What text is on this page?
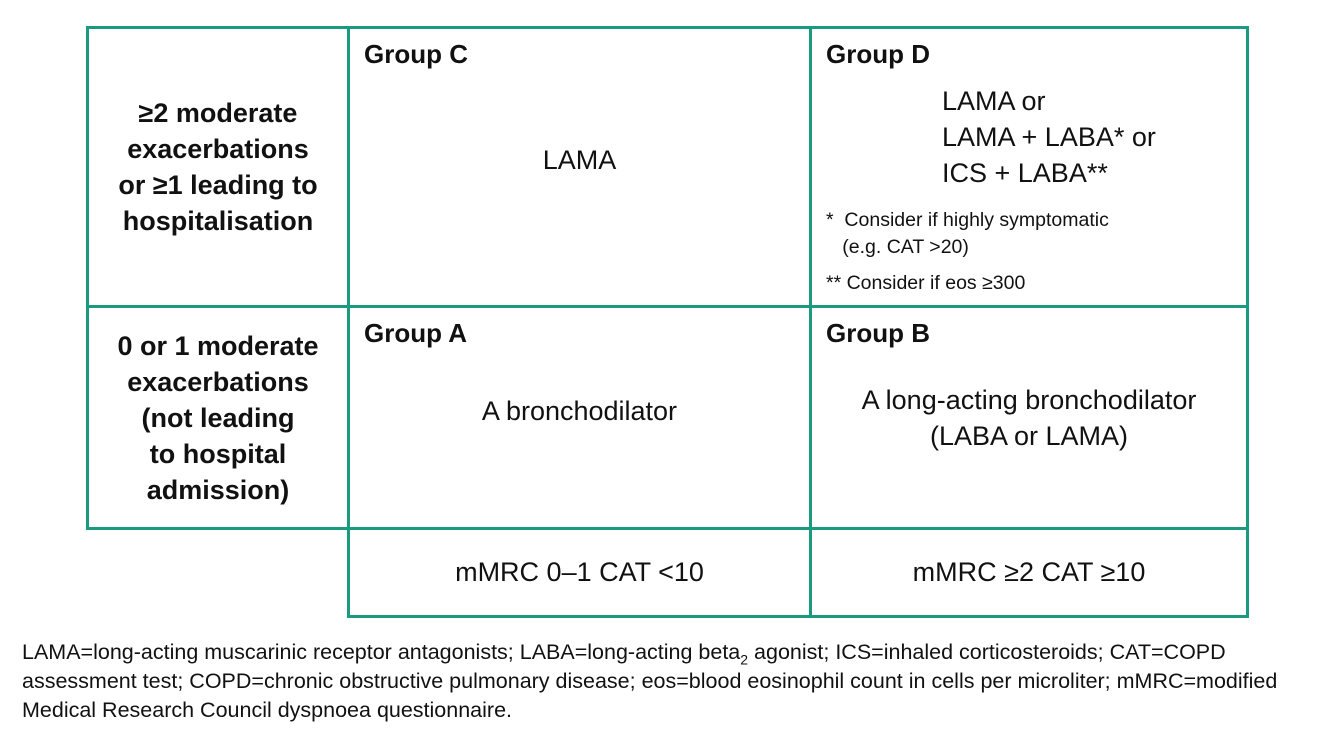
≥2 moderate
exacerbations
or ≥1 leading to
hospitalisation
0 or 1 moderate
exacerbations
(not leading
to hospital
admission)
Group C
LAMA
Group D
LAMA or
LAMA + LABA* or
ICS + LABA**
*  Consider if highly symptomatic
(e.g. CAT >20)
** Consider if eos ≥300
Group A
A bronchodilator
Group B
A long-acting bronchodilator
(LABA or LAMA)
mMRC 0–1 CAT <10	mMRC ≥2 CAT ≥10
LAMA=long-acting muscarinic receptor antagonists; LABA=long-acting beta$_2$ agonist; ICS=inhaled corticosteroids; CAT=COPD assessment test; COPD=chronic obstructive pulmonary disease; eos=blood eosinophil count in cells per microliter; mMRC=modified Medical Research Council dyspnoea questionnaire.
